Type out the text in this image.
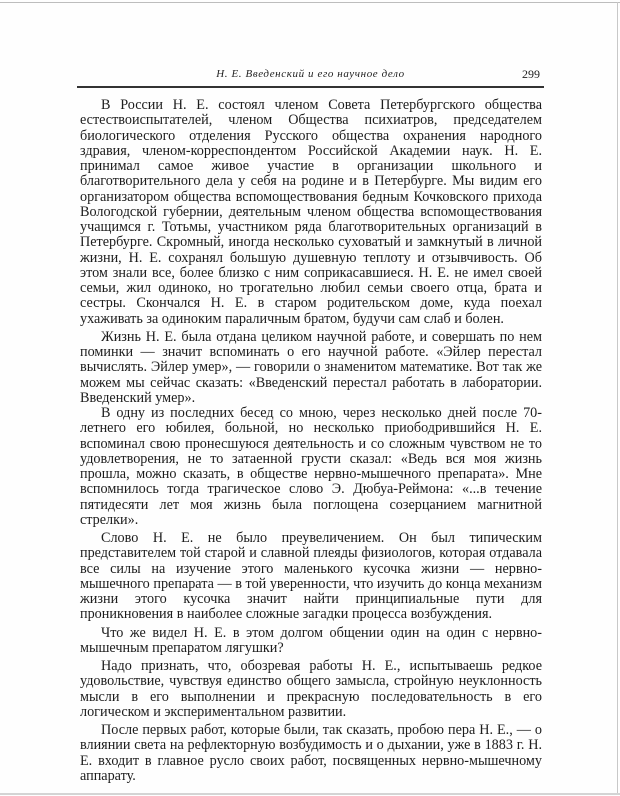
Н. Е. Введенский и его научное дело	299

В России Н. Е. состоял членом Совета Петербургского общества естествоиспытателей, членом Общества психиатров, председателем биологического отделения Русского общества охранения народного здравия, членом-корреспондентом Российской Академии наук. Н. Е. принимал самое живое участие в организации школьного и благотворительного дела у себя на родине и в Петербурге. Мы видим его организатором общества вспомоществования бедным Кочковского прихода Вологодской губернии, деятельным членом общества вспомоществования учащимся г. Тотьмы, участником ряда благотворительных организаций в Петербурге. Скромный, иногда несколько суховатый и замкнутый в личной жизни, Н. Е. сохранял большую душевную теплоту и отзывчивость. Об этом знали все, более близко с ним соприкасавшиеся. Н. Е. не имел своей семьи, жил одиноко, но трогательно любил семьи своего отца, брата и сестры. Скончался Н. Е. в старом родительском доме, куда поехал ухаживать за одиноким параличным братом, будучи сам слаб и болен.

Жизнь Н. Е. была отдана целиком научной работе, и совершать по нем поминки — значит вспоминать о его научной работе. «Эйлер перестал вычислять. Эйлер умер», — говорили о знаменитом математике. Вот так же можем мы сейчас сказать: «Введенский перестал работать в лаборатории. Введенский умер».

В одну из последних бесед со мною, через несколько дней после 70-летнего его юбилея, больной, но несколько приободрившийся Н. Е. вспоминал свою пронесшуюся деятельность и со сложным чувством не то удовлетворения, не то затаенной грусти сказал: «Ведь вся моя жизнь прошла, можно сказать, в обществе нервно-мышечного препарата». Мне вспомнилось тогда трагическое слово Э. Дюбуа-Реймона: «...в течение пятидесяти лет моя жизнь была поглощена созерцанием магнитной стрелки».

Слово Н. Е. не было преувеличением. Он был типическим представителем той старой и славной плеяды физиологов, которая отдавала все силы на изучение этого маленького кусочка жизни — нервно-мышечного препарата — в той уверенности, что изучить до конца механизм жизни этого кусочка значит найти принципиальные пути для проникновения в наиболее сложные загадки процесса возбуждения.

Что же видел Н. Е. в этом долгом общении один на один с нервно-мышечным препаратом лягушки?

Надо признать, что, обозревая работы Н. Е., испытываешь редкое удовольствие, чувствуя единство общего замысла, стройную неуклонность мысли в его выполнении и прекрасную последовательность в его логическом и экспериментальном развитии.

После первых работ, которые были, так сказать, пробою пера Н. Е., — о влиянии света на рефлекторную возбудимость и о дыхании, уже в 1883 г. Н. Е. входит в главное русло своих работ, посвященных нервно-мышечному аппарату.
